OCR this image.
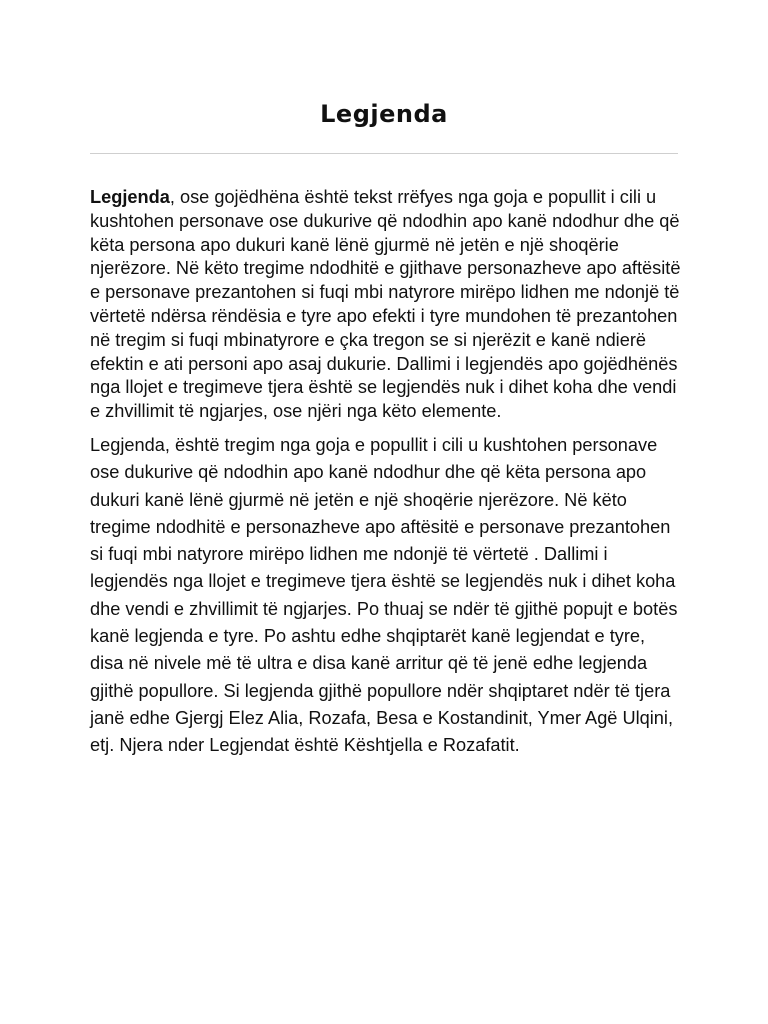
Legjenda

Legjenda, ose gojëdhëna është tekst rrëfyes nga goja e popullit i cili u kushtohen personave ose dukurive që ndodhin apo kanë ndodhur dhe që këta persona apo dukuri kanë lënë gjurmë në jetën e një shoqërie njerëzore. Në këto tregime ndodhitë e gjithave personazheve apo aftësitë e personave prezantohen si fuqi mbi natyrore mirëpo lidhen me ndonjë të vërtetë ndërsa rëndësia e tyre apo efekti i tyre mundohen të prezantohen në tregim si fuqi mbinatyrore e çka tregon se si njerëzit e kanë ndierë efektin e ati personi apo asaj dukurie. Dallimi i legjendës apo gojëdhënës nga llojet e tregimeve tjera është se legjendës nuk i dihet koha dhe vendi e zhvillimit të ngjarjes, ose njëri nga këto elemente.

Legjenda, është tregim nga goja e popullit i cili u kushtohen personave ose dukurive që ndodhin apo kanë ndodhur dhe që këta persona apo dukuri kanë lënë gjurmë në jetën e një shoqërie njerëzore. Në këto tregime ndodhitë e personazheve apo aftësitë e personave prezantohen si fuqi mbi natyrore mirëpo lidhen me ndonjë të vërtetë . Dallimi i legjendës nga llojet e tregimeve tjera është se legjendës nuk i dihet koha dhe vendi e zhvillimit të ngjarjes. Po thuaj se ndër të gjithë popujt e botës kanë legjenda e tyre. Po ashtu edhe shqiptarët kanë legjendat e tyre, disa në nivele më të ultra e disa kanë arritur që të jenë edhe legjenda gjithë popullore. Si legjenda gjithë popullore ndër shqiptaret ndër të tjera janë edhe Gjergj Elez Alia, Rozafa, Besa e Kostandinit, Ymer Agë Ulqini, etj. Njera nder Legjendat është Kështjella e Rozafatit.
